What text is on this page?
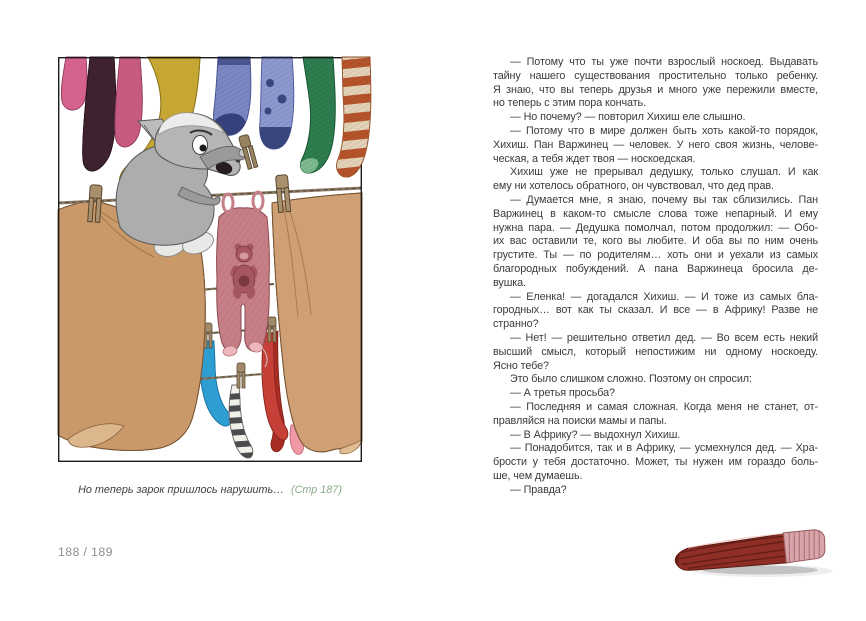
Но теперь зарок пришлось нарушить… (Стр 187)
188 / 189
— Потому что ты уже почти взрослый носкоед. Выдавать
тайну нашего существования простительно только ребенку.
Я знаю, что вы теперь друзья и много уже пережили вместе,
но теперь с этим пора кончать.
— Но почему? — повторил Хихиш еле слышно.
— Потому что в мире должен быть хоть какой-то порядок,
Хихиш. Пан Варжинец — человек. У него своя жизнь, челове-
ческая, а тебя ждет твоя — носкоедская.
Хихиш уже не прерывал дедушку, только слушал. И как
ему ни хотелось обратного, он чувствовал, что дед прав.
— Думается мне, я знаю, почему вы так сблизились. Пан
Варжинец в каком-то смысле слова тоже непарный. И ему
нужна пара. — Дедушка помолчал, потом продолжил: — Обо-
их вас оставили те, кого вы любите. И оба вы по ним очень
грустите. Ты — по родителям… хоть они и уехали из самых
благородных побуждений. А пана Варжинеца бросила де-
вушка.
— Еленка! — догадался Хихиш. — И тоже из самых бла-
городных… вот как ты сказал. И все — в Африку! Разве не
странно?
— Нет! — решительно ответил дед. — Во всем есть некий
высший смысл, который непостижим ни одному носкоеду.
Ясно тебе?
Это было слишком сложно. Поэтому он спросил:
— А третья просьба?
— Последняя и самая сложная. Когда меня не станет, от-
правляйся на поиски мамы и папы.
— В Африку? — выдохнул Хихиш.
— Понадобится, так и в Африку, — усмехнулся дед. — Хра-
брости у тебя достаточно. Может, ты нужен им гораздо боль-
ше, чем думаешь.
— Правда?
